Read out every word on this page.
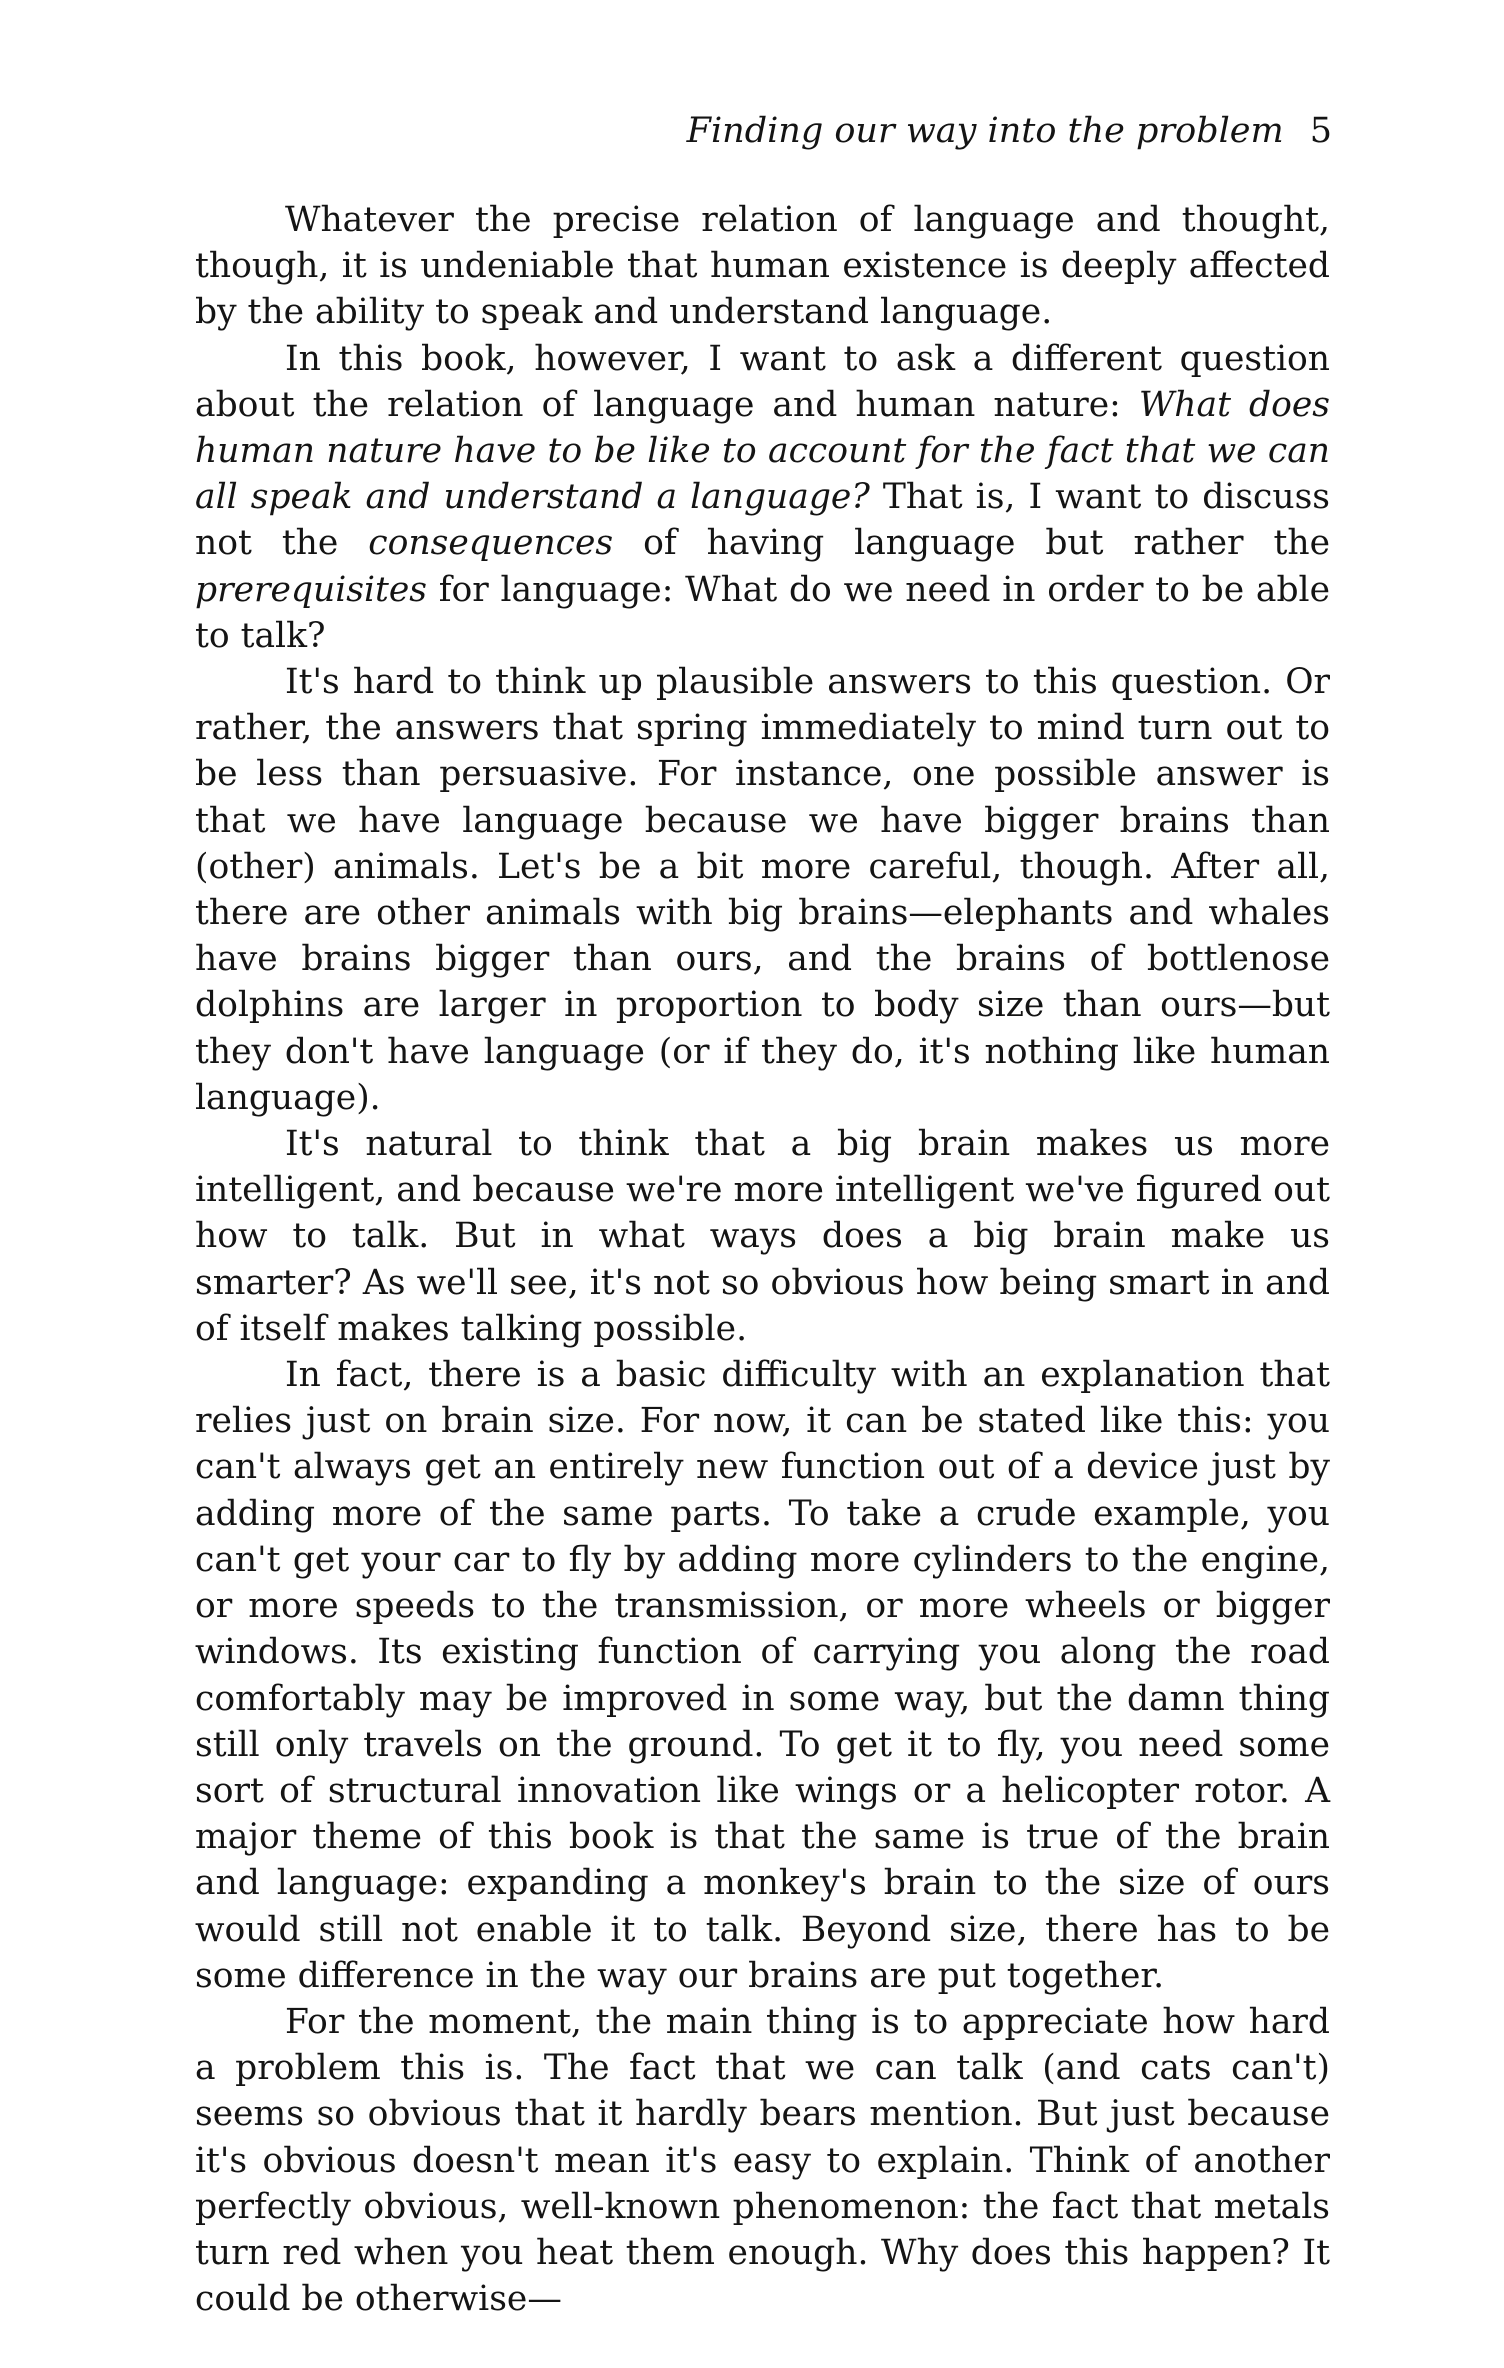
Finding our way into the problem 5

Whatever the precise relation of language and thought, though, it is undeniable that human existence is deeply affected by the ability to speak and understand language.

In this book, however, I want to ask a different question about the relation of language and human nature: What does human nature have to be like to account for the fact that we can all speak and understand a language? That is, I want to discuss not the consequences of having language but rather the prerequisites for language: What do we need in order to be able to talk?

It's hard to think up plausible answers to this question. Or rather, the answers that spring immediately to mind turn out to be less than persuasive. For instance, one possible answer is that we have language because we have bigger brains than (other) animals. Let's be a bit more careful, though. After all, there are other animals with big brains—elephants and whales have brains bigger than ours, and the brains of bottlenose dolphins are larger in proportion to body size than ours—but they don't have language (or if they do, it's nothing like human language).

It's natural to think that a big brain makes us more intelligent, and because we're more intelligent we've figured out how to talk. But in what ways does a big brain make us smarter? As we'll see, it's not so obvious how being smart in and of itself makes talking possible.

In fact, there is a basic difficulty with an explanation that relies just on brain size. For now, it can be stated like this: you can't always get an entirely new function out of a device just by adding more of the same parts. To take a crude example, you can't get your car to fly by adding more cylinders to the engine, or more speeds to the transmission, or more wheels or bigger windows. Its existing function of carrying you along the road comfortably may be improved in some way, but the damn thing still only travels on the ground. To get it to fly, you need some sort of structural innovation like wings or a helicopter rotor. A major theme of this book is that the same is true of the brain and language: expanding a monkey's brain to the size of ours would still not enable it to talk. Beyond size, there has to be some difference in the way our brains are put together.

For the moment, the main thing is to appreciate how hard a problem this is. The fact that we can talk (and cats can't) seems so obvious that it hardly bears mention. But just because it's obvious doesn't mean it's easy to explain. Think of another perfectly obvious, well-known phenomenon: the fact that metals turn red when you heat them enough. Why does this happen? It could be otherwise—
